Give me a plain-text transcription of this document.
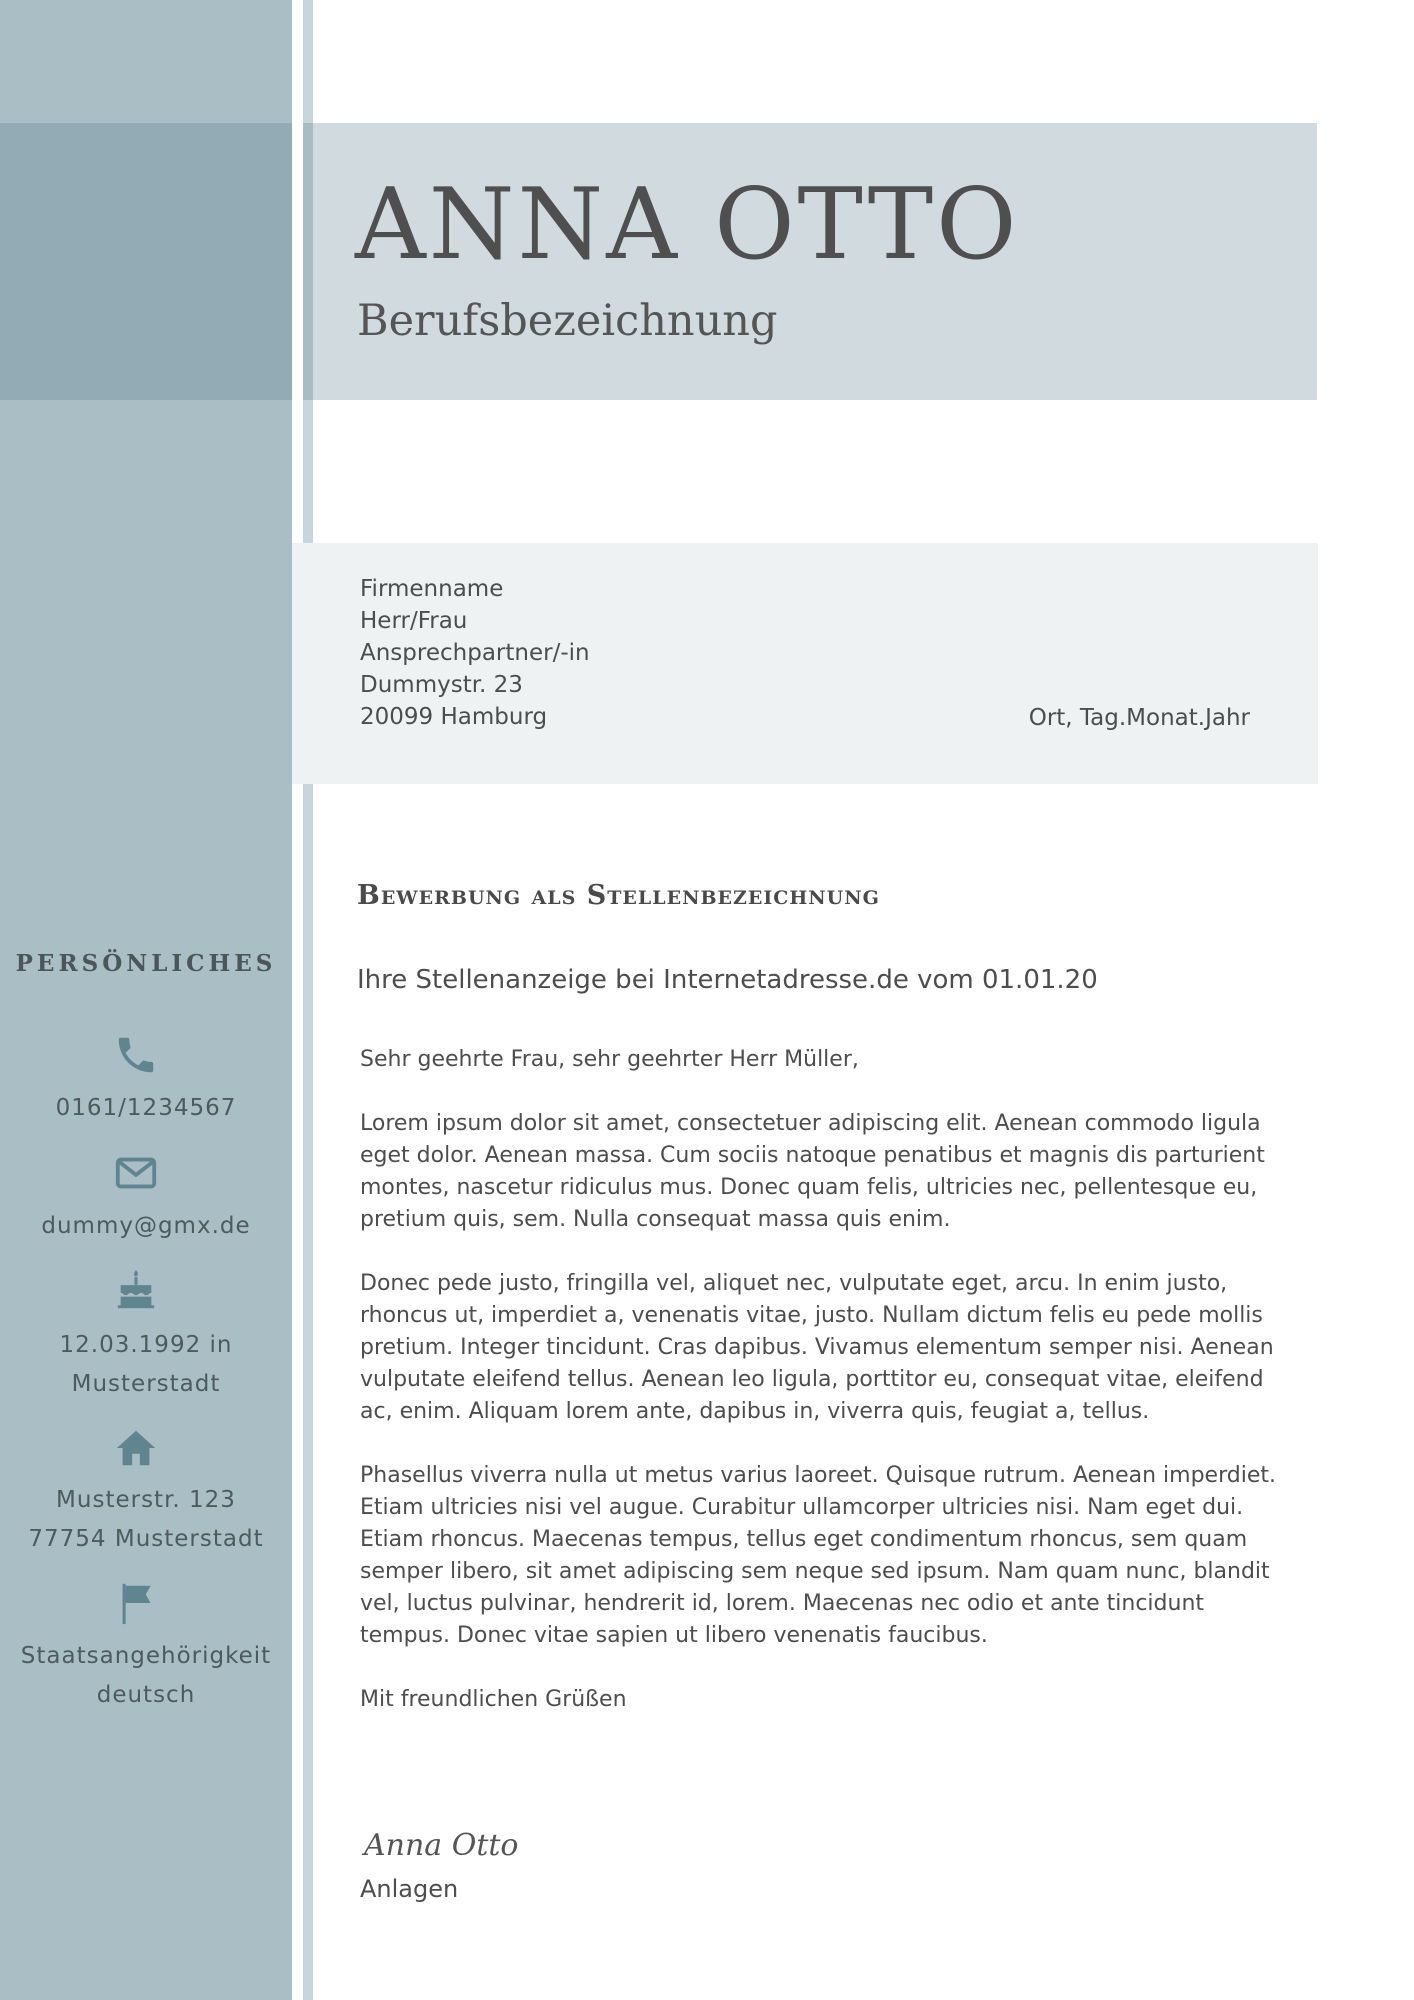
ANNA OTTO
Berufsbezeichnung
Firmenname
Herr/Frau
Ansprechpartner/-in
Dummystr. 23
20099 Hamburg	Ort, Tag.Monat.Jahr
Bewerbung als Stellenbezeichnung
Ihre Stellenanzeige bei Internetadresse.de vom 01.01.20

Sehr geehrte Frau, sehr geehrter Herr Müller,

Lorem ipsum dolor sit amet, consectetuer adipiscing elit. Aenean commodo ligula eget dolor. Aenean massa. Cum sociis natoque penatibus et magnis dis parturient montes, nascetur ridiculus mus. Donec quam felis, ultricies nec, pellentesque eu, pretium quis, sem. Nulla consequat massa quis enim.

Donec pede justo, fringilla vel, aliquet nec, vulputate eget, arcu. In enim justo, rhoncus ut, imperdiet a, venenatis vitae, justo. Nullam dictum felis eu pede mollis pretium. Integer tincidunt. Cras dapibus. Vivamus elementum semper nisi. Aenean vulputate eleifend tellus. Aenean leo ligula, porttitor eu, consequat vitae, eleifend ac, enim. Aliquam lorem ante, dapibus in, viverra quis, feugiat a, tellus.

Phasellus viverra nulla ut metus varius laoreet. Quisque rutrum. Aenean imperdiet. Etiam ultricies nisi vel augue. Curabitur ullamcorper ultricies nisi. Nam eget dui. Etiam rhoncus. Maecenas tempus, tellus eget condimentum rhoncus, sem quam semper libero, sit amet adipiscing sem neque sed ipsum. Nam quam nunc, blandit vel, luctus pulvinar, hendrerit id, lorem. Maecenas nec odio et ante tincidunt tempus. Donec vitae sapien ut libero venenatis faucibus.

Mit freundlichen Grüßen

Anna Otto
Anlagen
PERSÖNLICHES
0161/1234567
dummy@gmx.de
12.03.1992 in
Musterstadt
Musterstr. 123
77754 Musterstadt
Staatsangehörigkeit
deutsch
